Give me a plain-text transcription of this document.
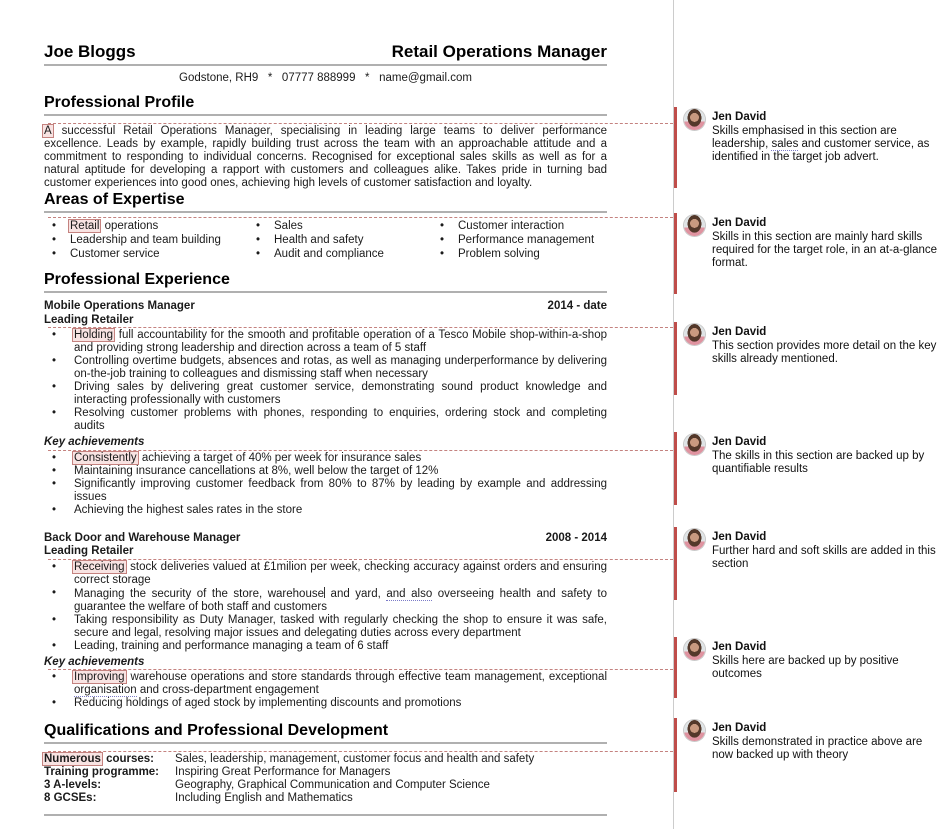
Joe Bloggs	Retail Operations Manager
Godstone, RH9   *   07777 888999   *   name@gmail.com
Professional Profile

A successful Retail Operations Manager, specialising in leading large teams to deliver performance excellence. Leads by example, rapidly building trust across the team with an approachable attitude and a commitment to responding to individual concerns. Recognised for exceptional sales skills as well as for a natural aptitude for developing a rapport with customers and colleagues alike. Takes pride in turning bad customer experiences into good ones, achieving high levels of customer satisfaction and loyalty.

Areas of Expertise
• Retail operations
• Leadership and team building
• Customer service
• Sales
• Health and safety
• Audit and compliance
• Customer interaction
• Performance management
• Problem solving
Professional Experience
Mobile Operations Manager	2014 - date
Leading Retailer
• Holding full accountability for the smooth and profitable operation of a Tesco Mobile shop-within-a-shop and providing strong leadership and direction across a team of 5 staff
• Controlling overtime budgets, absences and rotas, as well as managing underperformance by delivering on-the-job training to colleagues and dismissing staff when necessary
• Driving sales by delivering great customer service, demonstrating sound product knowledge and interacting professionally with customers
• Resolving customer problems with phones, responding to enquiries, ordering stock and completing audits
Key achievements
• Consistently achieving a target of 40% per week for insurance sales
• Maintaining insurance cancellations at 8%, well below the target of 12%
• Significantly improving customer feedback from 80% to 87% by leading by example and addressing issues
• Achieving the highest sales rates in the store
Back Door and Warehouse Manager	2008 - 2014
Leading Retailer
• Receiving stock deliveries valued at £1milion per week, checking accuracy against orders and ensuring correct storage
• Managing the security of the store, warehouse and yard, and also overseeing health and safety to guarantee the welfare of both staff and customers
• Taking responsibility as Duty Manager, tasked with regularly checking the shop to ensure it was safe, secure and legal, resolving major issues and delegating duties across every department
• Leading, training and performance managing a team of 6 staff
Key achievements
• Improving warehouse operations and store standards through effective team management, exceptional organisation and cross-department engagement
• Reducing holdings of aged stock by implementing discounts and promotions
Qualifications and Professional Development
Numerous courses:	Sales, leadership, management, customer focus and health and safety
Training programme:	Inspiring Great Performance for Managers
3 A-levels:	Geography, Graphical Communication and Computer Science
8 GCSEs:	Including English and Mathematics
Jen David
Skills emphasised in this section are leadership, sales and customer service, as identified in the target job advert.
Jen David
Skills in this section are mainly hard skills required for the target role, in an at-a-glance format.
Jen David
This section provides more detail on the key skills already mentioned.
Jen David
The skills in this section are backed up by quantifiable results
Jen David
Further hard and soft skills are added in this section
Jen David
Skills here are backed up by positive outcomes
Jen David
Skills demonstrated in practice above are now backed up with theory
